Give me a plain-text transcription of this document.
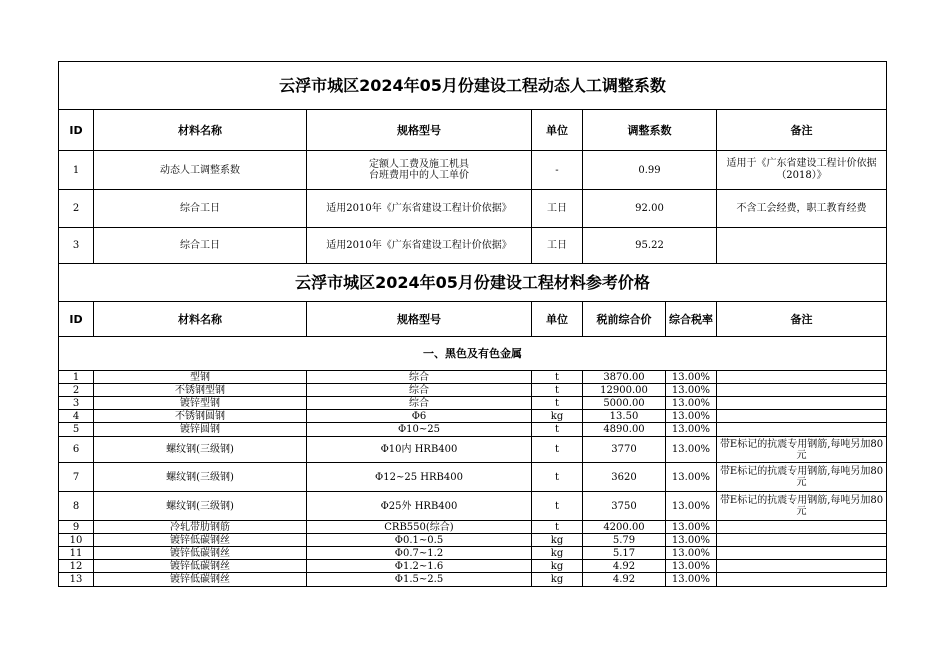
云浮市城区2024年05月份建设工程动态人工调整系数						
ID	材料名称	规格型号	单位	调整系数		备注
1	动态人工调整系数	定额人工费及施工机具
台班费用中的人工单价	-	0.99		适用于《广东省建设工程计价依据（2018）》
2	综合工日	适用2010年《广东省建设工程计价依据》	工日	92.00		不含工会经费，职工教育经费
3	综合工日	适用2010年《广东省建设工程计价依据》	工日	95.22		
云浮市城区2024年05月份建设工程材料参考价格						
ID	材料名称	规格型号	单位	税前综合价	综合税率	备注
一、黑色及有色金属						
1	型钢	综合	t	3870.00	13.00%	
2	不锈钢型钢	综合	t	12900.00	13.00%	
3	镀锌型钢	综合	t	5000.00	13.00%	
4	不锈钢圆钢	Φ6	kg	13.50	13.00%	
5	镀锌圆钢	Φ10~25	t	4890.00	13.00%	
6	螺纹钢(三级钢)	Φ10内 HRB400	t	3770	13.00%	带E标记的抗震专用钢筋,每吨另加80元
7	螺纹钢(三级钢)	Φ12~25 HRB400	t	3620	13.00%	带E标记的抗震专用钢筋,每吨另加80元
8	螺纹钢(三级钢)	Φ25外 HRB400	t	3750	13.00%	带E标记的抗震专用钢筋,每吨另加80元
9	冷轧带肋钢筋	CRB550(综合)	t	4200.00	13.00%	
10	镀锌低碳钢丝	Φ0.1~0.5	kg	5.79	13.00%	
11	镀锌低碳钢丝	Φ0.7~1.2	kg	5.17	13.00%	
12	镀锌低碳钢丝	Φ1.2~1.6	kg	4.92	13.00%	
13	镀锌低碳钢丝	Φ1.5~2.5	kg	4.92	13.00%	
